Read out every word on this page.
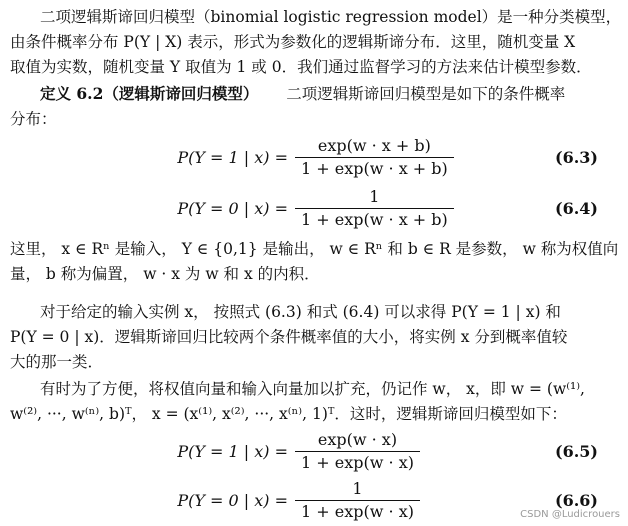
二项逻辑斯谛回归模型（binomial logistic regression model）是一种分类模型，
由条件概率分布 P(Y | X) 表示，形式为参数化的逻辑斯谛分布．这里，随机变量 X
取值为实数，随机变量 Y 取值为 1 或 0．我们通过监督学习的方法来估计模型参数．
定义 6.2（逻辑斯谛回归模型） 二项逻辑斯谛回归模型是如下的条件概率
分布：
P(Y = 1 | $x) = \frac{\exp(w \cdot x + b)}{1 + \exp(w \cdot x + b)}$	(6.3)
P(Y = 0 | $x) = \frac{1}{1 + \exp(w \cdot x + b)}$	(6.4)
这里， x ∈ Rⁿ 是输入， Y ∈ {0,1} 是输出， w ∈ Rⁿ 和 b ∈ R 是参数， w 称为权值向
量， b 称为偏置， w · x 为 w 和 x 的内积．
对于给定的输入实例 x， 按照式 (6.3) 和式 (6.4) 可以求得 P(Y = 1 | x) 和
P(Y = 0 | x)．逻辑斯谛回归比较两个条件概率值的大小，将实例 x 分到概率值较
大的那一类．
有时为了方便，将权值向量和输入向量加以扩充，仍记作 w， x，即 w = (w⁽¹⁾,
w⁽²⁾, ···, w⁽ⁿ⁾, b)ᵀ， x = (x⁽¹⁾, x⁽²⁾, ···, x⁽ⁿ⁾, 1)ᵀ．这时，逻辑斯谛回归模型如下：
P(Y = 1 | $x) = \frac{\exp(w \cdot x)}{1 + \exp(w \cdot x)}$	(6.5)
P(Y = 0 | $x) = \frac{1}{1 + \exp(w \cdot x)}$	(6.6)
CSDN @Ludicrouers
